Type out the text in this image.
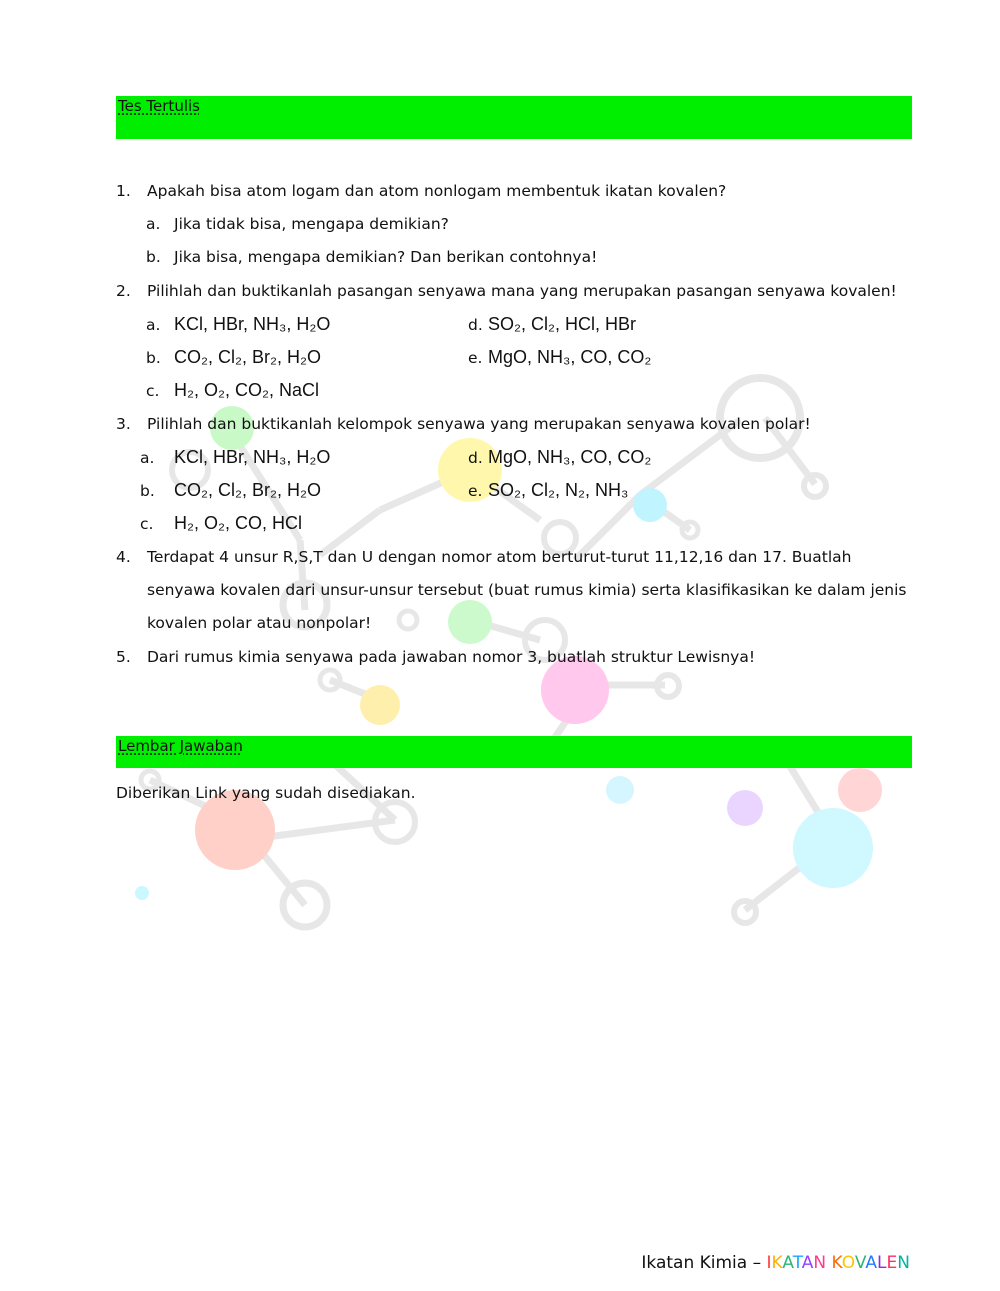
Tes Tertulis
1. Apakah bisa atom logam dan atom nonlogam membentuk ikatan kovalen?
a. Jika tidak bisa, mengapa demikian?
b. Jika bisa, mengapa demikian? Dan berikan contohnya!
2. Pilihlah dan buktikanlah pasangan senyawa mana yang merupakan pasangan senyawa kovalen!
a. KCl, HBr, NH₃, H₂O
b. CO₂, Cl₂, Br₂, H₂O
c. H₂, O₂, CO₂, NaCl
d. SO₂, Cl₂, HCl, HBr
e. MgO, NH₃, CO, CO₂
3. Pilihlah dan buktikanlah kelompok senyawa yang merupakan senyawa kovalen polar!
a. KCl, HBr, NH₃, H₂O
b. CO₂, Cl₂, Br₂, H₂O
c. H₂, O₂, CO, HCl
d. MgO, NH₃, CO, CO₂
e. SO₂, Cl₂, N₂, NH₃
4. Terdapat 4 unsur R,S,T dan U dengan nomor atom berturut-turut 11,12,16 dan 17. Buatlah
senyawa kovalen dari unsur-unsur tersebut (buat rumus kimia) serta klasifikasikan ke dalam jenis
kovalen polar atau nonpolar!
5. Dari rumus kimia senyawa pada jawaban nomor 3, buatlah struktur Lewisnya!
Lembar Jawaban
Diberikan Link yang sudah disediakan.
Ikatan Kimia – IKATAN KOVALEN
